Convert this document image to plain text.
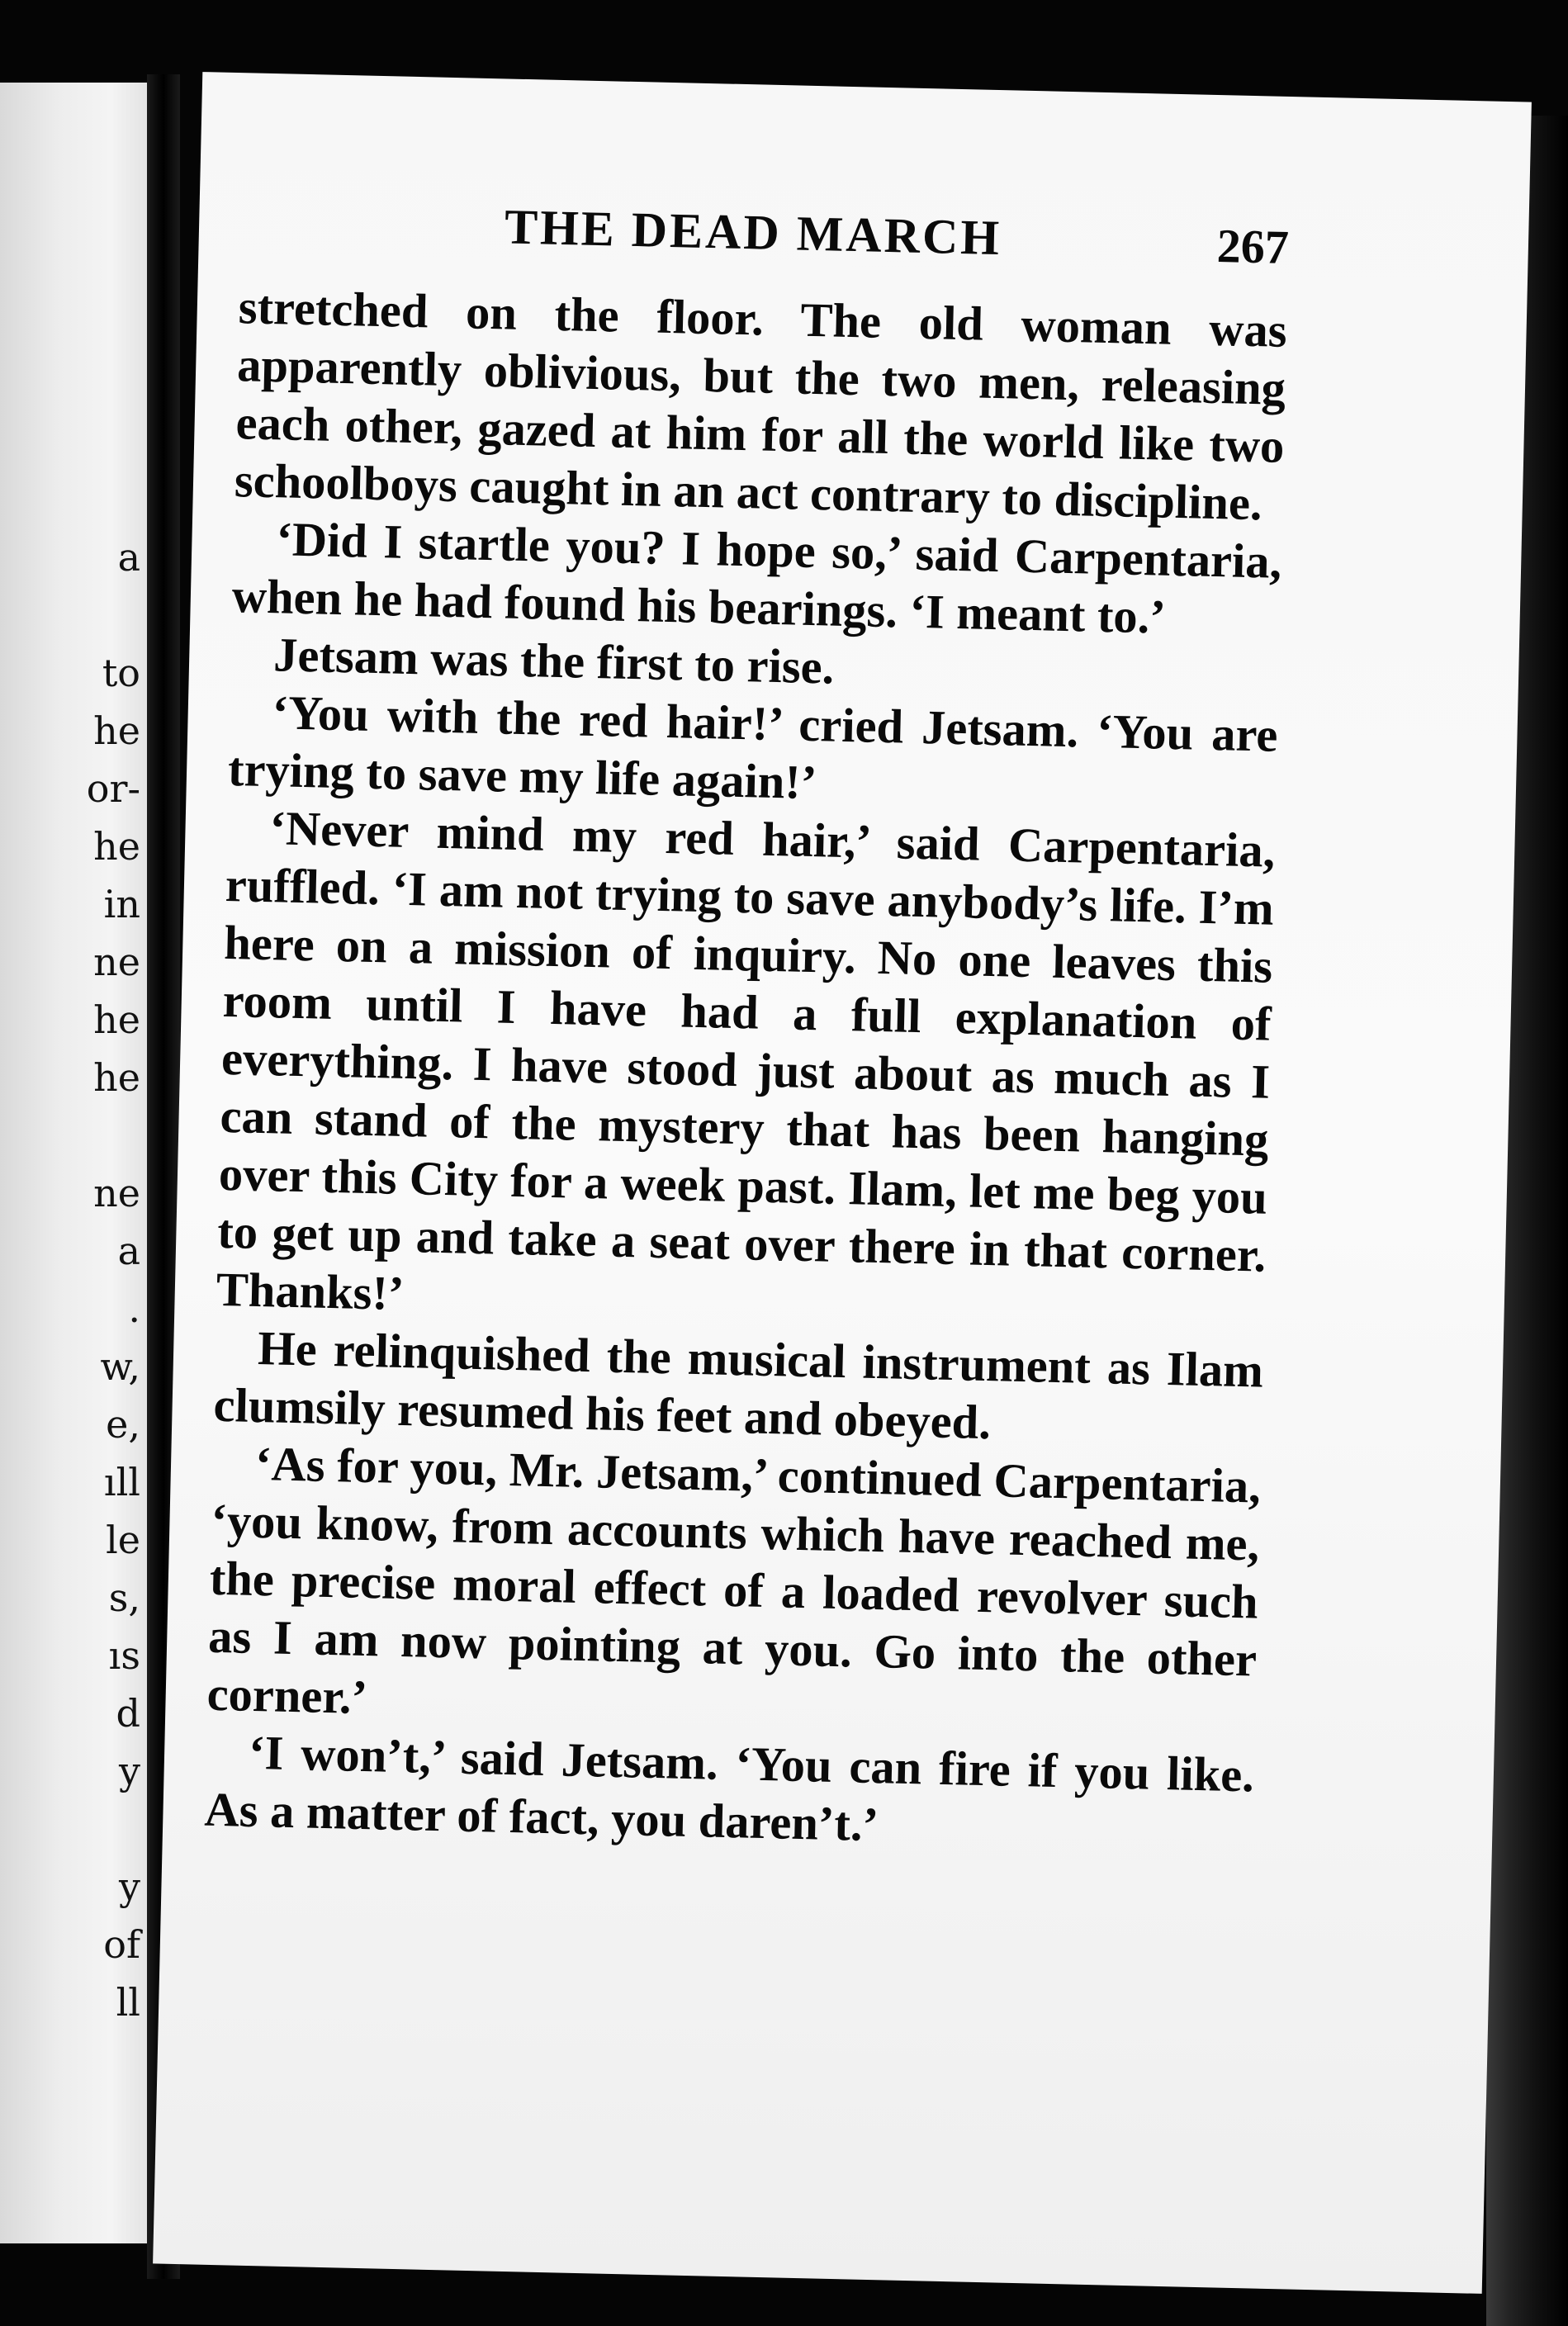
a
to
he
or-
he
in
ne
he
he
ne
a
.
w,
e,
ıll
le
s,
ıs
d
y
y
of
ll
THE DEAD MARCH	267

stretched on the floor. The old woman was apparently oblivious, but the two men, releasing each other, gazed at him for all the world like two schoolboys caught in an act contrary to discipline.

‘Did I startle you? I hope so,’ said Carpentaria, when he had found his bearings. ‘I meant to.’

Jetsam was the first to rise.

‘You with the red hair!’ cried Jetsam. ‘You are trying to save my life again!’

‘Never mind my red hair,’ said Carpentaria, ruffled. ‘I am not trying to save anybody’s life. I’m here on a mission of inquiry. No one leaves this room until I have had a full explanation of everything. I have stood just about as much as I can stand of the mystery that has been hanging over this City for a week past. Ilam, let me beg you to get up and take a seat over there in that corner. Thanks!’

He relinquished the musical instrument as Ilam clumsily resumed his feet and obeyed.

‘As for you, Mr. Jetsam,’ continued Carpentaria, ‘you know, from accounts which have reached me, the precise moral effect of a loaded revolver such as I am now pointing at you. Go into the other corner.’

‘I won’t,’ said Jetsam. ‘You can fire if you like. As a matter of fact, you daren’t.’
